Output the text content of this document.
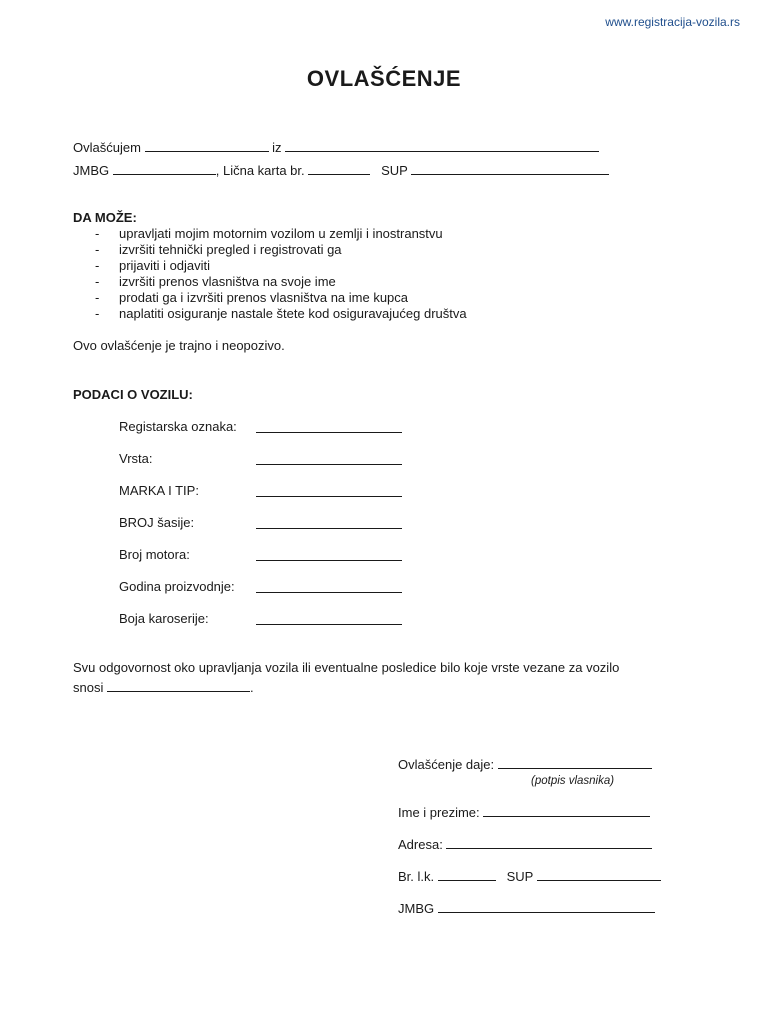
www.registracija-vozila.rs
OVLAŠĆENJE
Ovlašćujem	iz
JMBG	, Lična karta br.	SUP
DA MOŽE:
- upravljati mojim motornim vozilom u zemlji i inostranstvu
- izvršiti tehnički pregled i registrovati ga
- prijaviti i odjaviti
- izvršiti prenos vlasništva na svoje ime
- prodati ga i izvršiti prenos vlasništva na ime kupca
- naplatiti osiguranje nastale štete kod osiguravajućeg društva
Ovo ovlašćenje je trajno i neopozivo.
PODACI O VOZILU:
Registarska oznaka:
Vrsta:
MARKA I TIP:
BROJ šasije:
Broj motora:
Godina proizvodnje:
Boja karoserije:
Svu odgovornost oko upravljanja vozila ili eventualne posledice bilo koje vrste vezane za vozilo
snosi	.
Ovlašćenje daje:
(potpis vlasnika)
Ime i prezime:
Adresa:
Br. l.k.	SUP
JMBG
